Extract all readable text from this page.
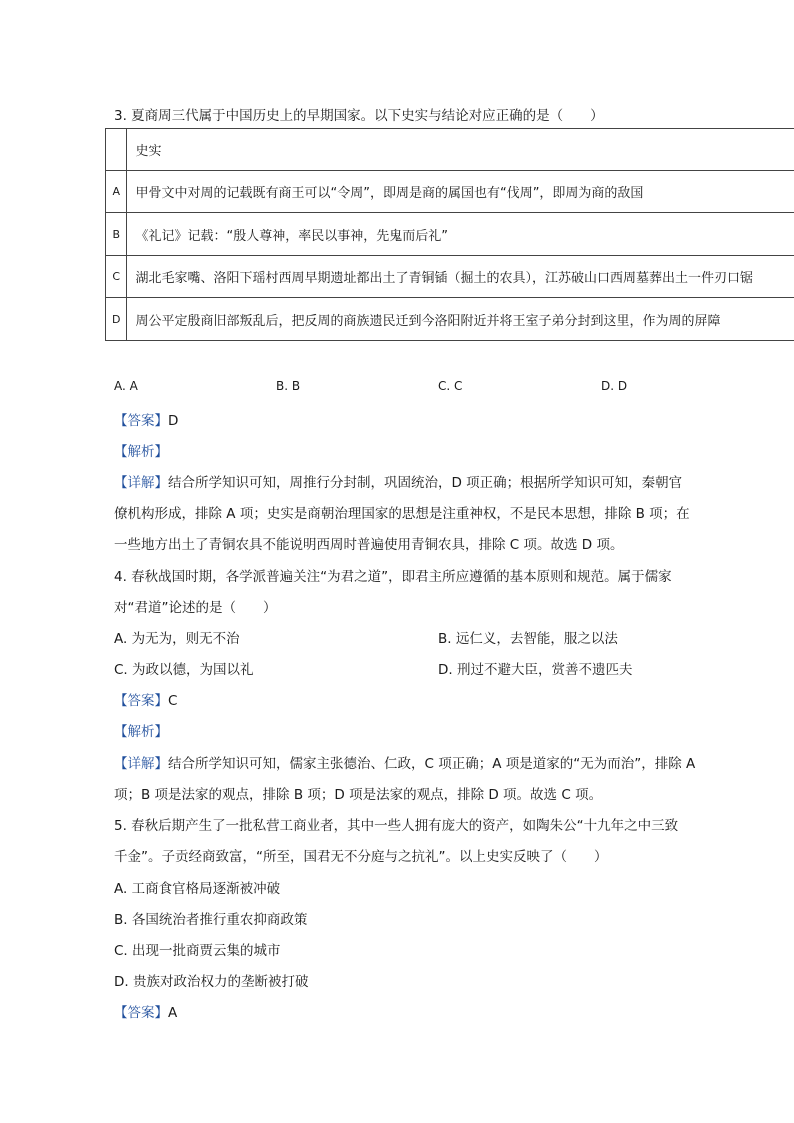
3. 夏商周三代属于中国历史上的早期国家。以下史实与结论对应正确的是（　　）
	史实
A	甲骨文中对周的记载既有商王可以“令周”，即周是商的属国也有“伐周”，即周为商的敌国
B	《礼记》记载：“殷人尊神，率民以事神，先鬼而后礼”
C	湖北毛家嘴、洛阳下瑶村西周早期遗址都出土了青铜锸（掘土的农具），江苏破山口西周墓葬出土一件刃口锯
D	周公平定殷商旧部叛乱后，把反周的商族遗民迁到今洛阳附近并将王室子弟分封到这里，作为周的屏障
A. A	B. B	C. C	D. D
【答案】D
【解析】
【详解】结合所学知识可知，周推行分封制，巩固统治，D 项正确；根据所学知识可知，秦朝官
僚机构形成，排除 A 项；史实是商朝治理国家的思想是注重神权，不是民本思想，排除 B 项；在
一些地方出土了青铜农具不能说明西周时普遍使用青铜农具，排除 C 项。故选 D 项。
4. 春秋战国时期，各学派普遍关注“为君之道”，即君主所应遵循的基本原则和规范。属于儒家
对“君道”论述的是（　　）
A. 为无为，则无不治	B. 远仁义，去智能，服之以法
C. 为政以德，为国以礼	D. 刑过不避大臣，赏善不遗匹夫
【答案】C
【解析】
【详解】结合所学知识可知，儒家主张德治、仁政，C 项正确；A 项是道家的“无为而治”，排除 A
项；B 项是法家的观点，排除 B 项；D 项是法家的观点，排除 D 项。故选 C 项。
5. 春秋后期产生了一批私营工商业者，其中一些人拥有庞大的资产，如陶朱公“十九年之中三致
千金”。子贡经商致富，“所至，国君无不分庭与之抗礼”。以上史实反映了（　　）
A. 工商食官格局逐渐被冲破
B. 各国统治者推行重农抑商政策
C. 出现一批商贾云集的城市
D. 贵族对政治权力的垄断被打破
【答案】A
